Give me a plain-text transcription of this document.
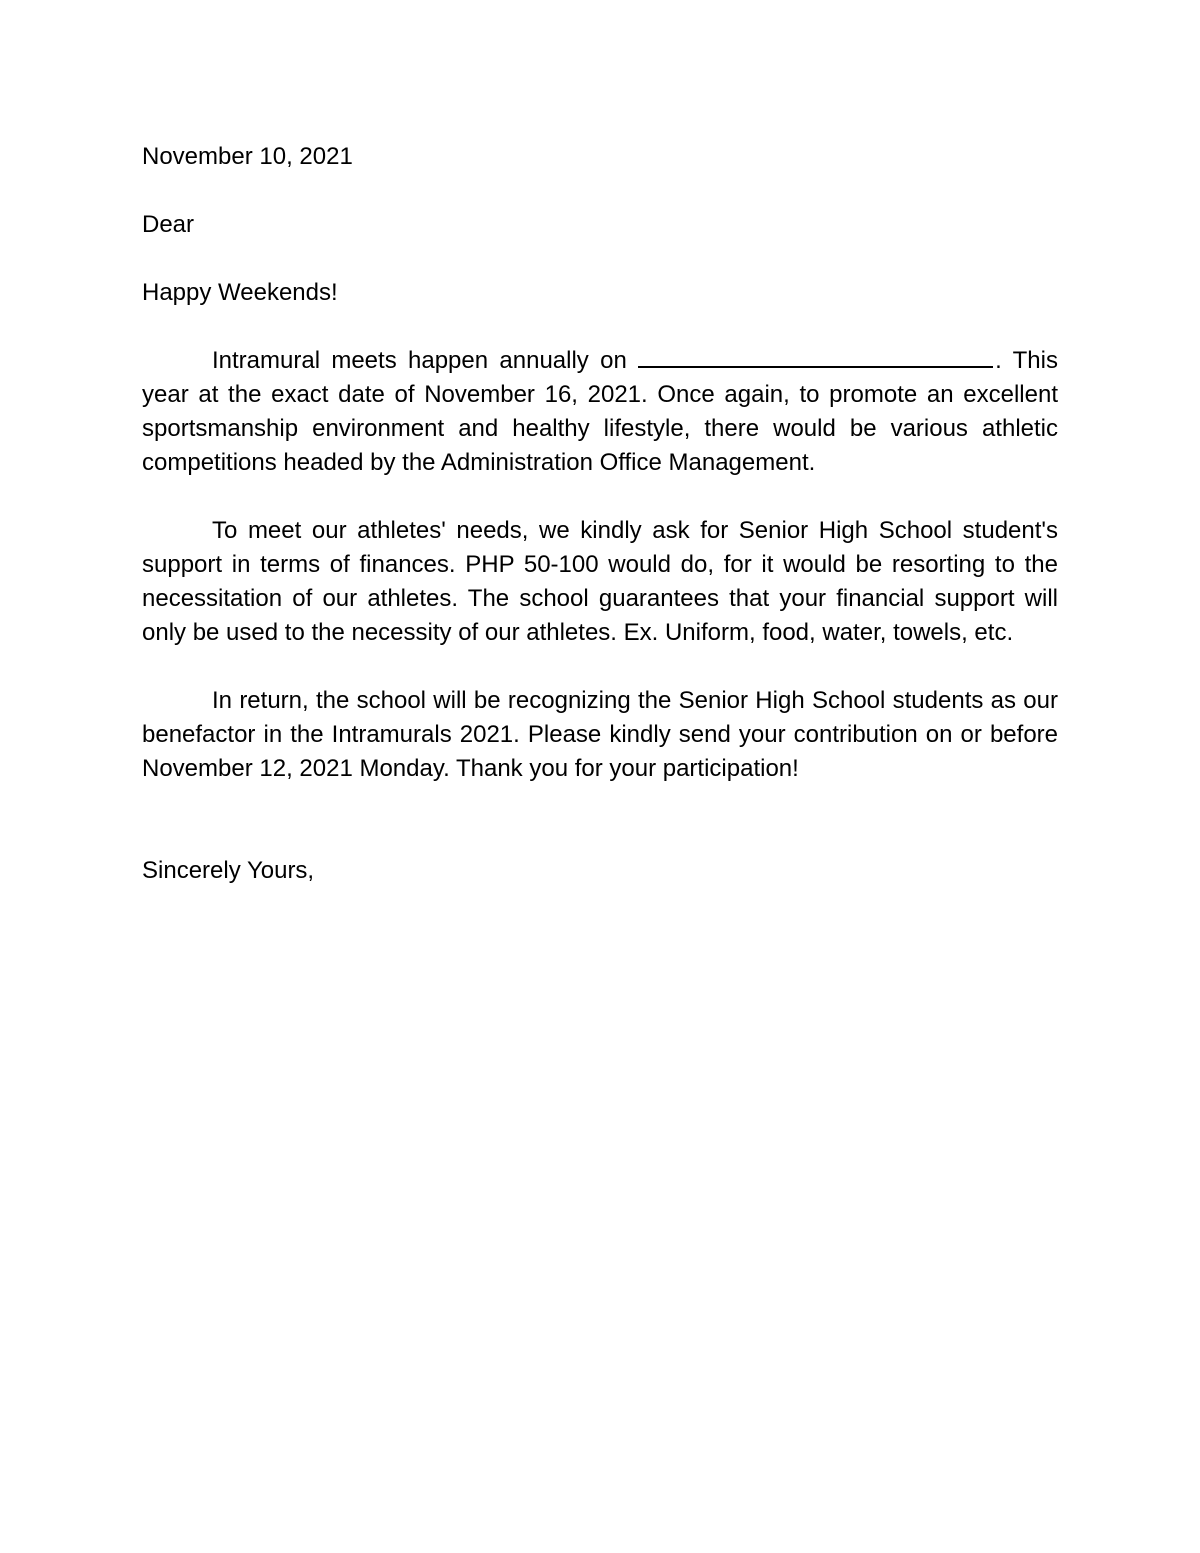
November 10, 2021

Dear

Happy Weekends!

Intramural meets happen annually on	. This year at the exact date of November 16, 2021. Once again, to promote an excellent sportsmanship environment and healthy lifestyle, there would be various athletic competitions headed by the Administration Office Management.

To meet our athletes' needs, we kindly ask for Senior High School student's support in terms of finances. PHP 50-100 would do, for it would be resorting to the necessitation of our athletes. The school guarantees that your financial support will only be used to the necessity of our athletes. Ex. Uniform, food, water, towels, etc.

In return, the school will be recognizing the Senior High School students as our benefactor in the Intramurals 2021. Please kindly send your contribution on or before November 12, 2021 Monday. Thank you for your participation!

Sincerely Yours,
